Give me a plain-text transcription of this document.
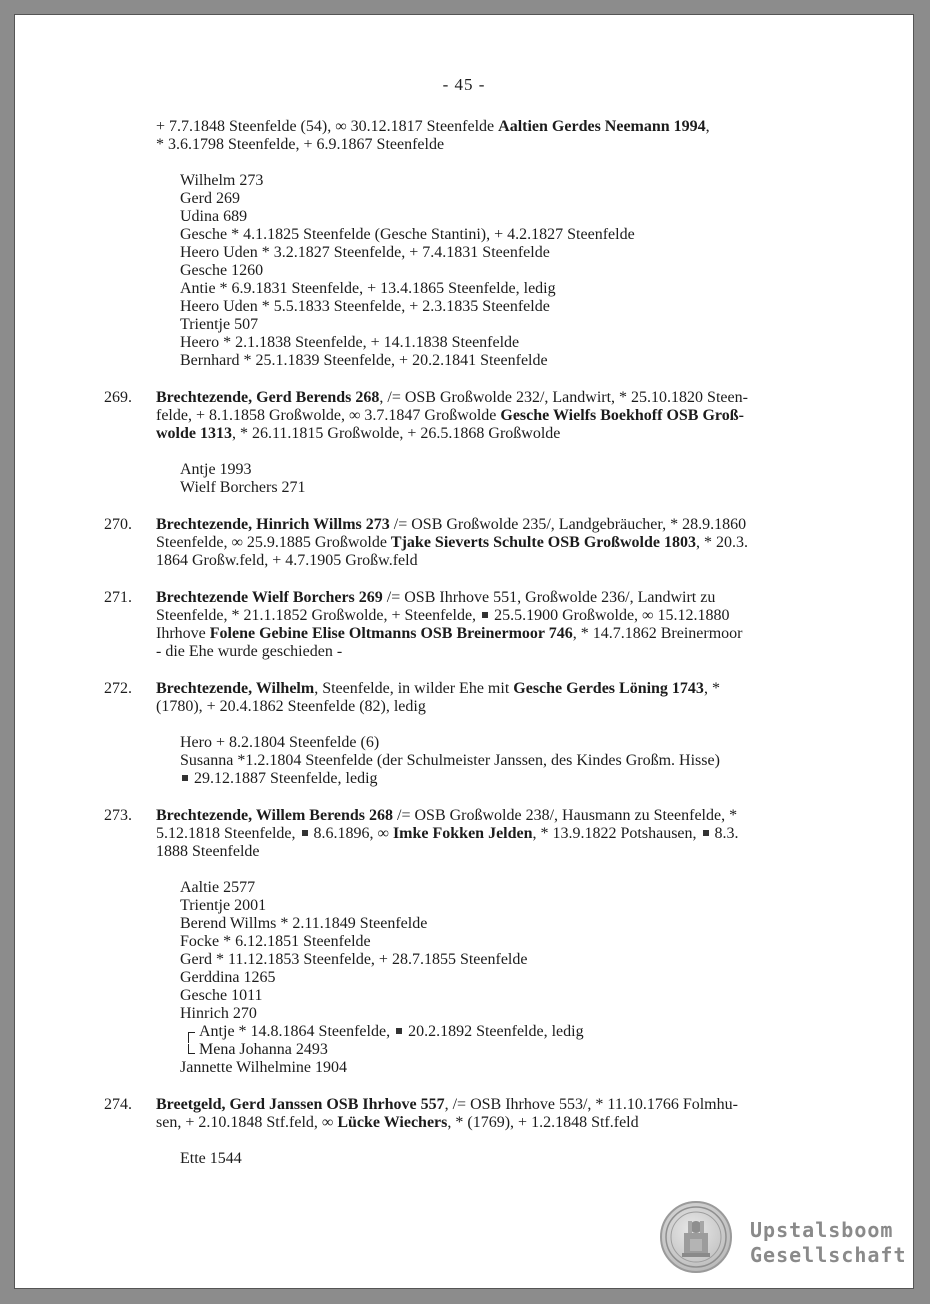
- 45 -
+ 7.7.1848 Steenfelde (54), ∞ 30.12.1817 Steenfelde Aaltien Gerdes Neemann 1994,
* 3.6.1798 Steenfelde, + 6.9.1867 Steenfelde
Wilhelm 273
Gerd 269
Udina 689
Gesche * 4.1.1825 Steenfelde (Gesche Stantini), + 4.2.1827 Steenfelde
Heero Uden * 3.2.1827 Steenfelde, + 7.4.1831 Steenfelde
Gesche 1260
Antie * 6.9.1831 Steenfelde, + 13.4.1865 Steenfelde, ledig
Heero Uden * 5.5.1833 Steenfelde, + 2.3.1835 Steenfelde
Trientje 507
Heero * 2.1.1838 Steenfelde, + 14.1.1838 Steenfelde
Bernhard * 25.1.1839 Steenfelde, + 20.2.1841 Steenfelde
269. Brechtezende, Gerd Berends 268, /= OSB Großwolde 232/, Landwirt, * 25.10.1820 Steen-
felde, + 8.1.1858 Großwolde, ∞ 3.7.1847 Großwolde Gesche Wielfs Boekhoff OSB Groß-
wolde 1313, * 26.11.1815 Großwolde, + 26.5.1868 Großwolde
Antje 1993
Wielf Borchers 271
270. Brechtezende, Hinrich Willms 273 /= OSB Großwolde 235/, Landgebräucher, * 28.9.1860
Steenfelde, ∞ 25.9.1885 Großwolde Tjake Sieverts Schulte OSB Großwolde 1803, * 20.3.
1864 Großw.feld, + 4.7.1905 Großw.feld
271. Brechtezende Wielf Borchers 269 /= OSB Ihrhove 551, Großwolde 236/, Landwirt zu
Steenfelde, * 21.1.1852 Großwolde, + Steenfelde,  25.5.1900 Großwolde, ∞ 15.12.1880
Ihrhove Folene Gebine Elise Oltmanns OSB Breinermoor 746, * 14.7.1862 Breinermoor
- die Ehe wurde geschieden -
272. Brechtezende, Wilhelm, Steenfelde, in wilder Ehe mit Gesche Gerdes Löning 1743, *
(1780), + 20.4.1862 Steenfelde (82), ledig
Hero + 8.2.1804 Steenfelde (6)
Susanna *1.2.1804 Steenfelde (der Schulmeister Janssen, des Kindes Großm. Hisse)
29.12.1887 Steenfelde, ledig
273. Brechtezende, Willem Berends 268 /= OSB Großwolde 238/, Hausmann zu Steenfelde, *
5.12.1818 Steenfelde,  8.6.1896, ∞ Imke Fokken Jelden, * 13.9.1822 Potshausen,  8.3.
1888 Steenfelde
Aaltie 2577
Trientje 2001
Berend Willms * 2.11.1849 Steenfelde
Focke * 6.12.1851 Steenfelde
Gerd * 11.12.1853 Steenfelde, + 28.7.1855 Steenfelde
Gerddina 1265
Gesche 1011
Hinrich 270
Antje * 14.8.1864 Steenfelde,  20.2.1892 Steenfelde, ledig
Mena Johanna 2493
Jannette Wilhelmine 1904
274. Breetgeld, Gerd Janssen OSB Ihrhove 557, /= OSB Ihrhove 553/, * 11.10.1766 Folmhu-
sen, + 2.10.1848 Stf.feld, ∞ Lücke Wiechers, * (1769), + 1.2.1848 Stf.feld
Ette 1544
Upstalsboom
Gesellschaft
